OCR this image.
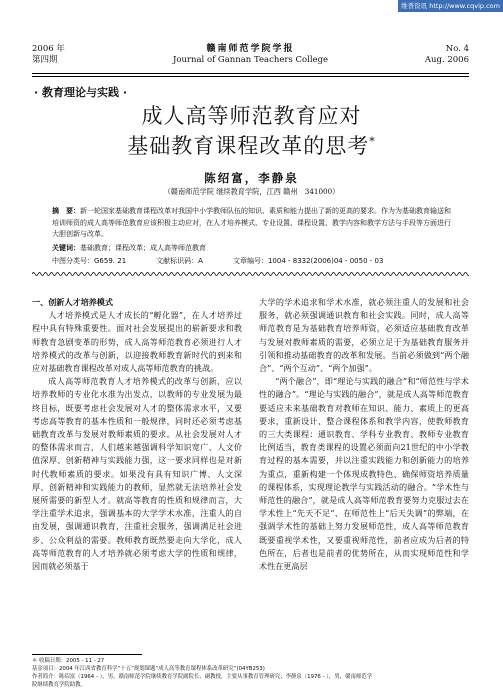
维普资讯 http://www.cqvip.com
2006 年
第四期
赣南师范学院学报
Journal of Gannan Teachers College
No. 4
Aug. 2006
· 教育理论与实践 ·
成人高等师范教育应对
基础教育课程改革的思考*
陈绍富，李静泉
（赣南师范学院 继续教育学院，江西 赣州　341000）
摘　要：新一轮国家基础教育课程改革对我国中小学教师队伍的知识、素质和能力提出了新的更高的要求。作为为基础教育输送和培训师资的成人高等师范教育应该积极主动应对，在人才培养模式、专业设置、课程设置、教学内容和教学方法与手段等方面进行大胆创新与改革。
关键词：基础教育；课程改革；成人高等师范教育
中图分类号：G659. 21	文献标识码：A	文章编号：1004 - 8332(2006)04 - 0050 - 03
一、创新人才培养模式

人才培养模式是人才成长的“孵化器”，在人才培养过程中具有特殊重要性。面对社会发展提出的崭新要求和教师教育急剧变革的形势，成人高等师范教育必须进行人才培养模式的改革与创新，以迎接教师教育新时代的到来和应对基础教育课程改革对成人高等师范教育的挑战。

成人高等师范教育人才培养模式的改革与创新，应以培养教师的专业化水准为出发点，以教师的专业发展为最终目标，既要考虑社会发展对人才的整体需求水平，又要考虑高等教育的基本性质和一般规律，同时还必须考虑基础教育改革与发展对教师素质的要求。从社会发展对人才的整体需求而言，人们越来越强调科学知识宽广、人文价值深厚、创新精神与实践能力强，这一要求同样也是对新时代教师素质的要求。如果没有具有知识广博、人文深厚、创新精神和实践能力的教师，显然就无法培养社会发展所需要的新型人才。就高等教育的性质和规律而言，大学注重学术追求，强调基本的大学学术水准，注重人的自由发展，强调通识教育，注重社会服务，强调满足社会进步、公众利益的需要。教师教育既然要走向大学化，成人高等师范教育的人才培养就必须考虑大学的性质和规律，因而就必须基于

大学的学术追求和学术水准，就必须注重人的发展和社会服务，就必须强调通识教育和社会实践。同时，成人高等师范教育是为基础教育培养师资，必须适应基础教育改革与发展对教师素质的需要，必须立足于为基础教育服务并引领和推动基础教育的改革和发展。当前必须做到“两个融合”、“两个互动”、“两个加强”。

“两个融合”，即“理论与实践的融合”和“师范性与学术性的融合”。“理论与实践的融合”，就是成人高等师范教育要适应未来基础教育对教师在知识、能力、素质上的更高要求，重新设计、整合课程体系和教学内容，使教师教育的三大类课程：通识教育、学科专业教育、教师专业教育比例适当，教育类课程的设置必须面向21世纪的中小学教育过程的基本需要，并以注重实践能力和创新能力的培养为重点，重新构建一个体现成教特色、确保师资培养质量的课程体系，实现理论教学与实践活动的融合。“学术性与师范性的融合”，就是成人高等师范教育要努力克服过去在学术性上“先天不足”、在师范性上“后天失调”的弊端，在强调学术性的基础上努力发展师范性，成人高等师范教育既要重视学术性，又要重视师范性，前者应成为后者的特色所在，后者也是前者的优势所在，从而实现师范性和学术性在更高层

＊ 收稿日期：2005 - 11 - 27
基金项目：2004 年江西省教育科学“十五”规划课题“成人高等教育课程体系改革研究”(04YB253)
作者简介：陈绍富（1964 - ），男，赣南师范学院继续教育学院副院长、副教授，主要从事教育管理研究；李静泉（1976 - ），男，赣南师范学
院继续教育学院助教。
